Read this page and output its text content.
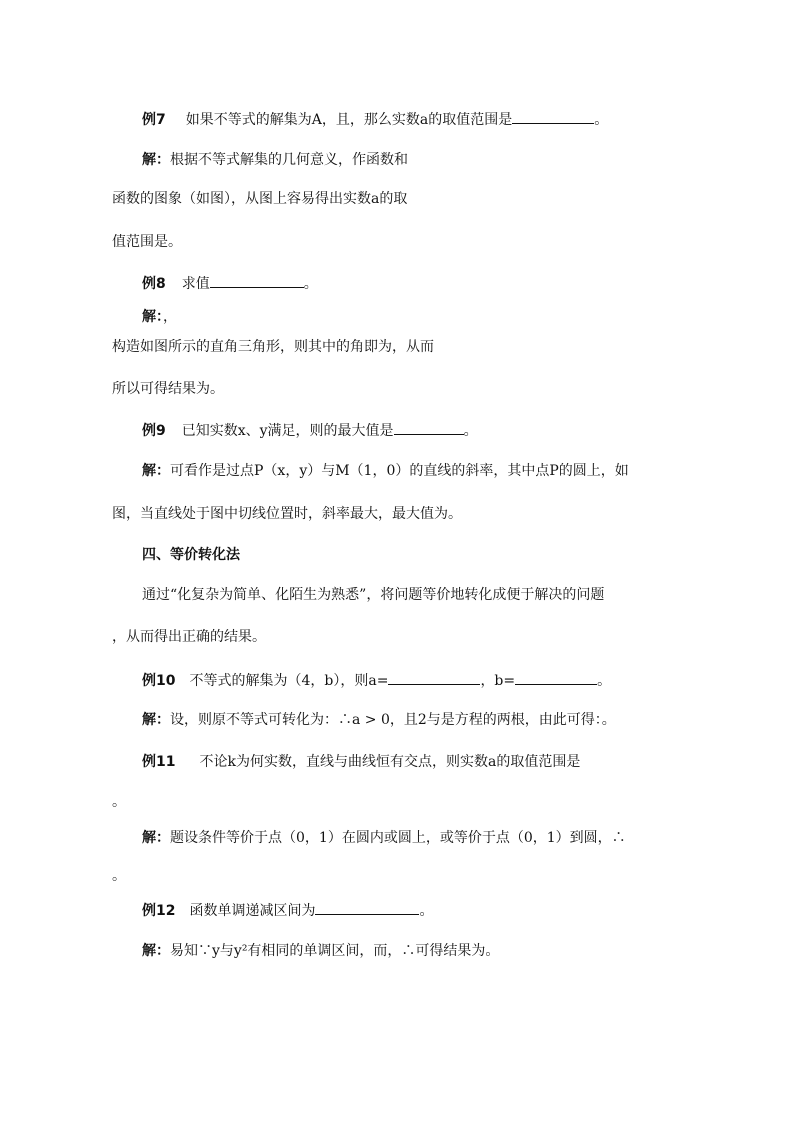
例7 如果不等式的解集为A，且，那么实数a的取值范围是	。
解：根据不等式解集的几何意义，作函数和
函数的图象（如图），从图上容易得出实数a的取
值范围是。
例8 求值	。
解：，
构造如图所示的直角三角形，则其中的角即为，从而
所以可得结果为。
例9 已知实数x、y满足，则的最大值是	。
解：可看作是过点P（x，y）与M（1，0）的直线的斜率，其中点P的圆上，如
图，当直线处于图中切线位置时，斜率最大，最大值为。
四、等价转化法
通过“化复杂为简单、化陌生为熟悉”，将问题等价地转化成便于解决的问题
，从而得出正确的结果。
例10 不等式的解集为（4，b），则a=	，b=	。
解：设，则原不等式可转化为：∴a > 0，且2与是方程的两根，由此可得：。
例11 不论k为何实数，直线与曲线恒有交点，则实数a的取值范围是
。
解：题设条件等价于点（0，1）在圆内或圆上，或等价于点（0，1）到圆，∴
。
例12 函数单调递减区间为	。
解：易知∵y与y²有相同的单调区间，而，∴可得结果为。
